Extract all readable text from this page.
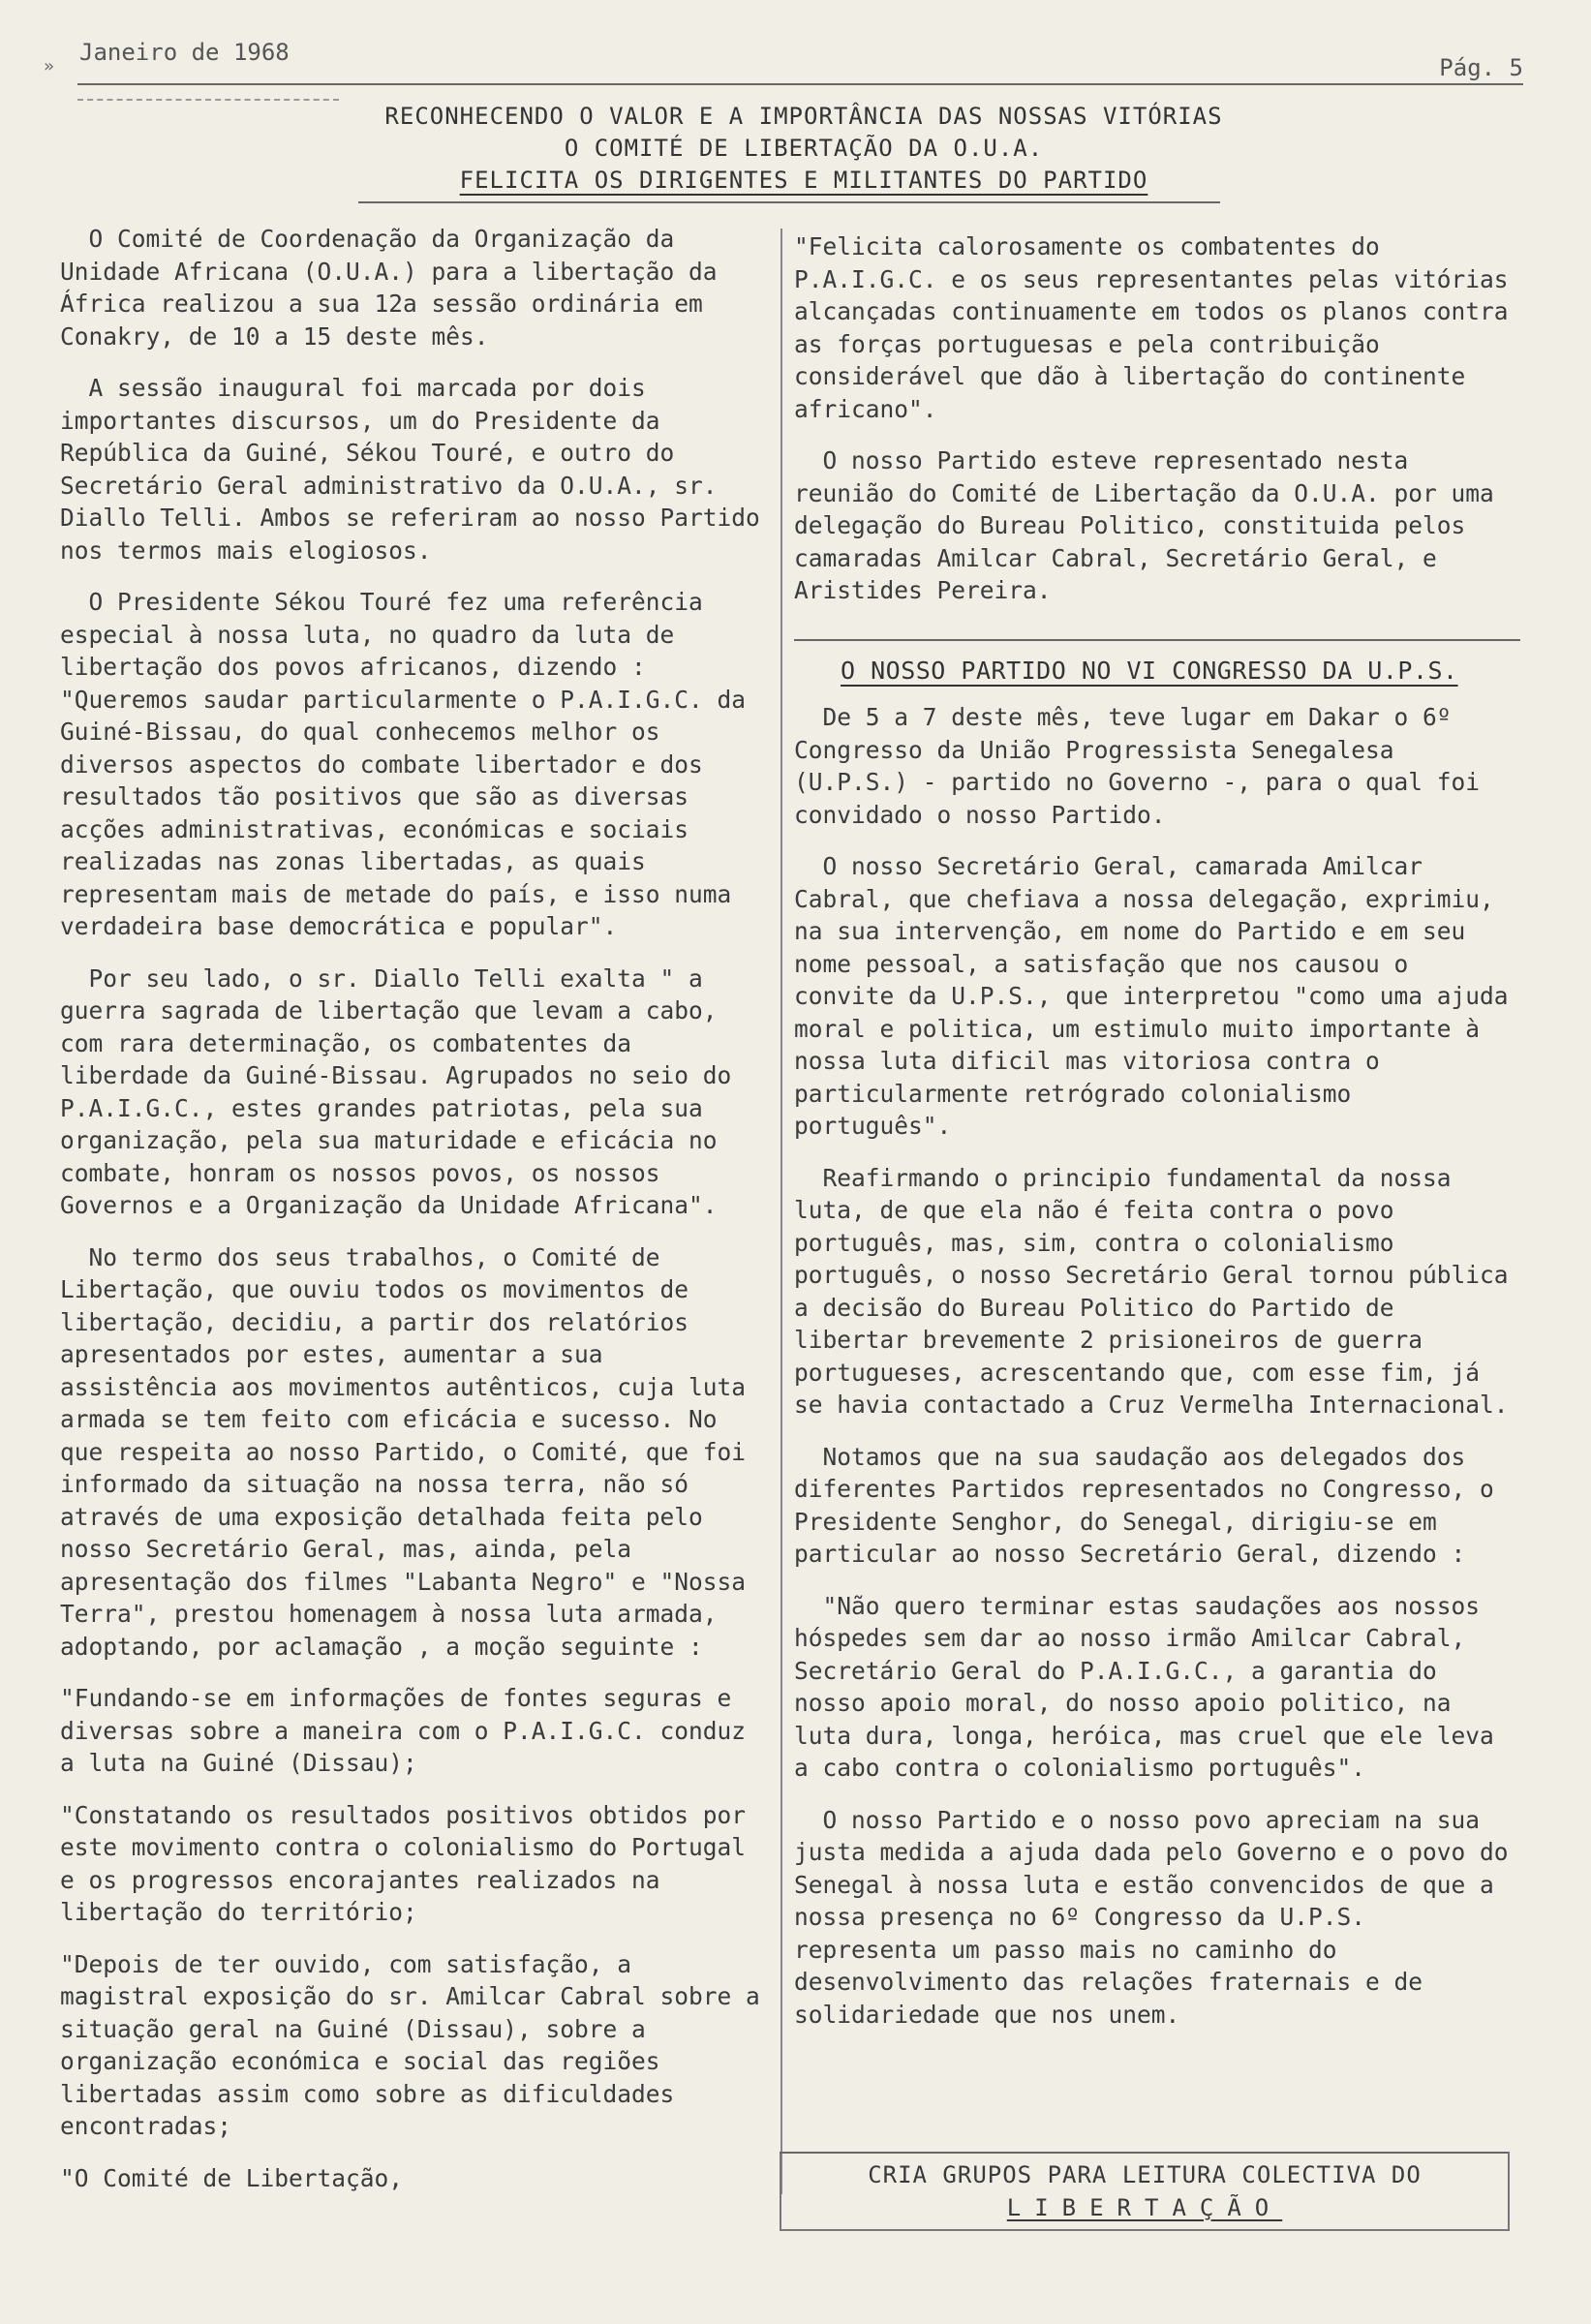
»
Janeiro de 1968
Pág. 5
RECONHECENDO O VALOR E A IMPORTÂNCIA DAS NOSSAS VITÓRIAS
O COMITÉ DE LIBERTAÇÃO DA O.U.A.
FELICITA OS DIRIGENTES E MILITANTES DO PARTIDO

O Comité de Coordenação da Organização da Unidade Africana (O.U.A.) para a libertação da África realizou a sua 12a sessão ordinária em Conakry, de 10 a 15 deste mês.

A sessão inaugural foi marcada por dois importantes discursos, um do Presidente da República da Guiné, Sékou Touré, e outro do Secretário Geral administrativo da O.U.A., sr. Diallo Telli. Ambos se referiram ao nosso Partido nos termos mais elogiosos.

O Presidente Sékou Touré fez uma referência especial à nossa luta, no quadro da luta de libertação dos povos africanos, dizendo : "Queremos saudar particularmente o P.A.I.G.C. da Guiné-Bissau, do qual conhecemos melhor os diversos aspectos do combate libertador e dos resultados tão positivos que são as diversas acções administrativas, económicas e sociais realizadas nas zonas libertadas, as quais representam mais de metade do país, e isso numa verdadeira base democrática e popular".

Por seu lado, o sr. Diallo Telli exalta " a guerra sagrada de libertação que levam a cabo, com rara determinação, os combatentes da liberdade da Guiné-Bissau. Agrupados no seio do P.A.I.G.C., estes grandes patriotas, pela sua organização, pela sua maturidade e eficácia no combate, honram os nossos povos, os nossos Governos e a Organização da Unidade Africana".

No termo dos seus trabalhos, o Comité de Libertação, que ouviu todos os movimentos de libertação, decidiu, a partir dos relatórios apresentados por estes, aumentar a sua assistência aos movimentos autênticos, cuja luta armada se tem feito com eficácia e sucesso. No que respeita ao nosso Partido, o Comité, que foi informado da situação na nossa terra, não só através de uma exposição detalhada feita pelo nosso Secretário Geral, mas, ainda, pela apresentação dos filmes "Labanta Negro" e "Nossa Terra", prestou homenagem à nossa luta armada, adoptando, por aclamação , a moção seguinte :

"Fundando-se em informações de fontes seguras e diversas sobre a maneira com o P.A.I.G.C. conduz a luta na Guiné (Dissau);

"Constatando os resultados positivos obtidos por este movimento contra o colonialismo do Portugal e os progressos encorajantes realizados na libertação do território;

"Depois de ter ouvido, com satisfação, a magistral exposição do sr. Amilcar Cabral sobre a situação geral na Guiné (Dissau), sobre a organização económica e social das regiões libertadas assim como sobre as dificuldades encontradas;

"O Comité de Libertação,

"Felicita calorosamente os combatentes do P.A.I.G.C. e os seus representantes pelas vitórias alcançadas continuamente em todos os planos contra as forças portuguesas e pela contribuição considerável que dão à libertação do continente africano".

O nosso Partido esteve representado nesta reunião do Comité de Libertação da O.U.A. por uma delegação do Bureau Politico, constituida pelos camaradas Amilcar Cabral, Secretário Geral, e Aristides Pereira.

O NOSSO PARTIDO NO VI CONGRESSO DA U.P.S.

De 5 a 7 deste mês, teve lugar em Dakar o 6º Congresso da União Progressista Senegalesa (U.P.S.) - partido no Governo -, para o qual foi convidado o nosso Partido.

O nosso Secretário Geral, camarada Amilcar Cabral, que chefiava a nossa delegação, exprimiu, na sua intervenção, em nome do Partido e em seu nome pessoal, a satisfação que nos causou o convite da U.P.S., que interpretou "como uma ajuda moral e politica, um estimulo muito importante à nossa luta dificil mas vitoriosa contra o particularmente retrógrado colonialismo português".

Reafirmando o principio fundamental da nossa luta, de que ela não é feita contra o povo português, mas, sim, contra o colonialismo português, o nosso Secretário Geral tornou pública a decisão do Bureau Politico do Partido de libertar brevemente 2 prisioneiros de guerra portugueses, acrescentando que, com esse fim, já se havia contactado a Cruz Vermelha Internacional.

Notamos que na sua saudação aos delegados dos diferentes Partidos representados no Congresso, o Presidente Senghor, do Senegal, dirigiu-se em particular ao nosso Secretário Geral, dizendo :

"Não quero terminar estas saudações aos nossos hóspedes sem dar ao nosso irmão Amilcar Cabral, Secretário Geral do P.A.I.G.C., a garantia do nosso apoio moral, do nosso apoio politico, na luta dura, longa, heróica, mas cruel que ele leva a cabo contra o colonialismo português".

O nosso Partido e o nosso povo apreciam na sua justa medida a ajuda dada pelo Governo e o povo do Senegal à nossa luta e estão convencidos de que a nossa presença no 6º Congresso da U.P.S. representa um passo mais no caminho do desenvolvimento das relações fraternais e de solidariedade que nos unem.

CRIA GRUPOS PARA LEITURA COLECTIVA DO
LIBERTAÇÃO
